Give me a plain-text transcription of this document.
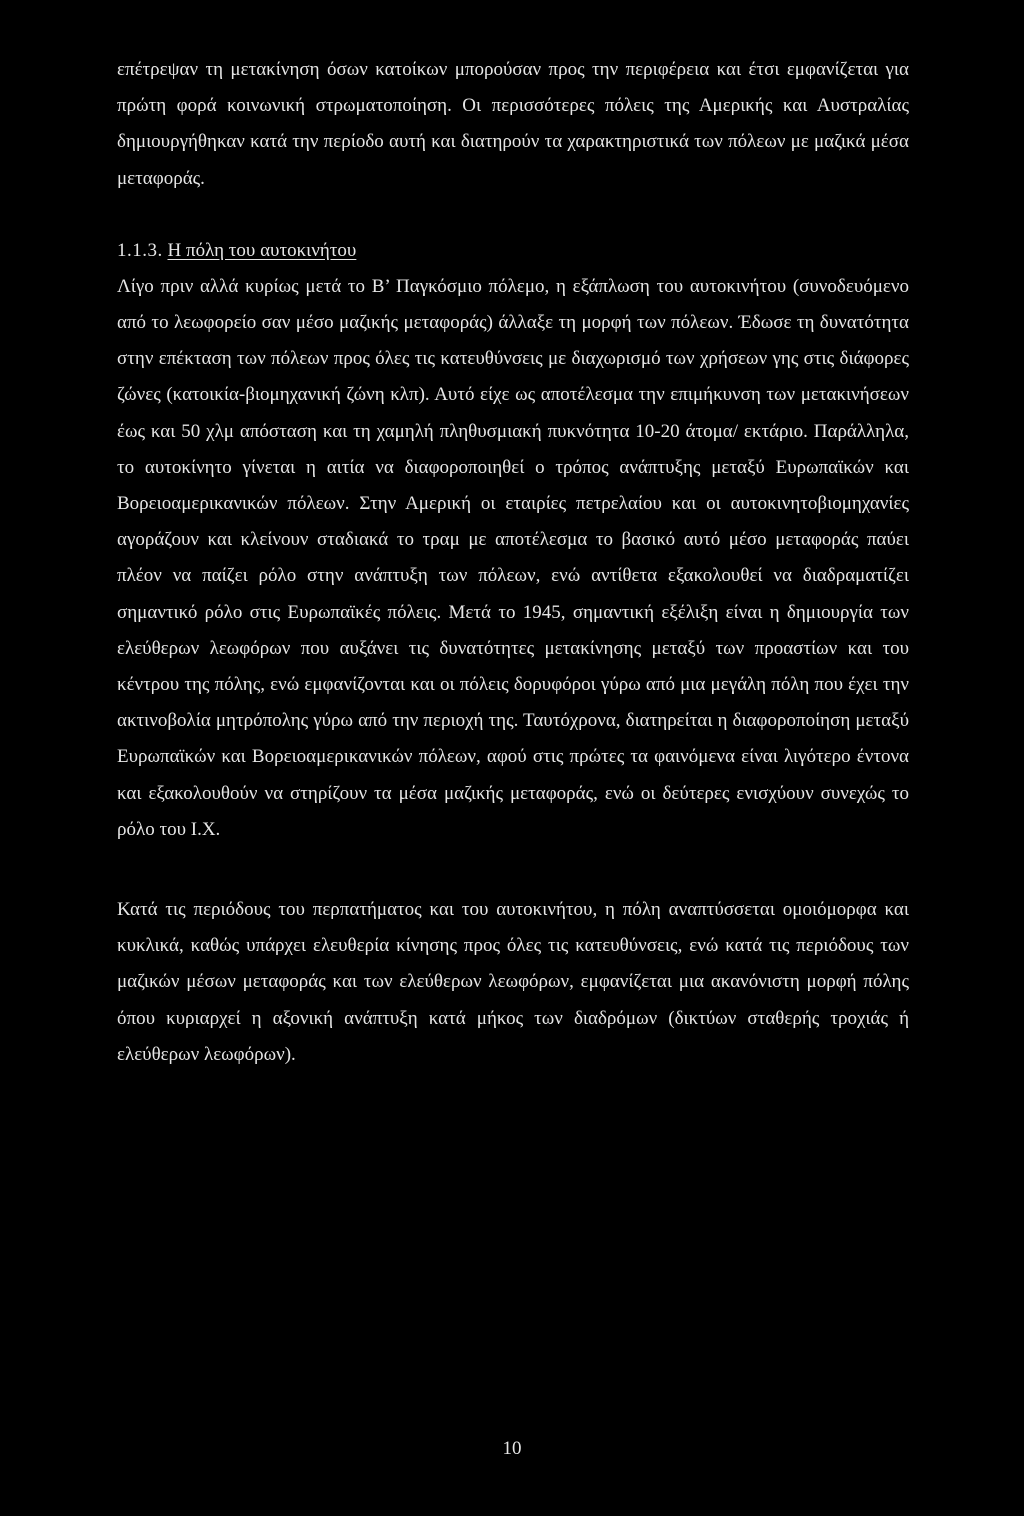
επέτρεψαν τη μετακίνηση όσων κατοίκων μπορούσαν προς την περιφέρεια και έτσι εμφανίζεται για πρώτη φορά κοινωνική στρωματοποίηση. Οι περισσότερες πόλεις της Αμερικής και Αυστραλίας δημιουργήθηκαν κατά την περίοδο αυτή και διατηρούν τα χαρακτηριστικά των πόλεων με μαζικά μέσα μεταφοράς.

1.1.3. Η πόλη του αυτοκινήτου

Λίγο πριν αλλά κυρίως μετά το Β’ Παγκόσμιο πόλεμο, η εξάπλωση του αυτοκινήτου (συνοδευόμενο από το λεωφορείο σαν μέσο μαζικής μεταφοράς) άλλαξε τη μορφή των πόλεων. Έδωσε τη δυνατότητα στην επέκταση των πόλεων προς όλες τις κατευθύνσεις με διαχωρισμό των χρήσεων γης στις διάφορες ζώνες (κατοικία-βιομηχανική ζώνη κλπ). Αυτό είχε ως αποτέλεσμα την επιμήκυνση των μετακινήσεων έως και 50 χλμ απόσταση και τη χαμηλή πληθυσμιακή πυκνότητα 10-20 άτομα/ εκτάριο. Παράλληλα, το αυτοκίνητο γίνεται η αιτία να διαφοροποιηθεί ο τρόπος ανάπτυξης μεταξύ Ευρωπαϊκών και Βορειοαμερικανικών πόλεων. Στην Αμερική οι εταιρίες πετρελαίου και οι αυτοκινητοβιομηχανίες αγοράζουν και κλείνουν σταδιακά το τραμ με αποτέλεσμα το βασικό αυτό μέσο μεταφοράς παύει πλέον να παίζει ρόλο στην ανάπτυξη των πόλεων, ενώ αντίθετα εξακολουθεί να διαδραματίζει σημαντικό ρόλο στις Ευρωπαϊκές πόλεις. Μετά το 1945, σημαντική εξέλιξη είναι η δημιουργία των ελεύθερων λεωφόρων που αυξάνει τις δυνατότητες μετακίνησης μεταξύ των προαστίων και του κέντρου της πόλης, ενώ εμφανίζονται και οι πόλεις δορυφόροι γύρω από μια μεγάλη πόλη που έχει την ακτινοβολία μητρόπολης γύρω από την περιοχή της. Ταυτόχρονα, διατηρείται η διαφοροποίηση μεταξύ Ευρωπαϊκών και Βορειοαμερικανικών πόλεων, αφού στις πρώτες τα φαινόμενα είναι λιγότερο έντονα και εξακολουθούν να στηρίζουν τα μέσα μαζικής μεταφοράς, ενώ οι δεύτερες ενισχύουν συνεχώς το ρόλο του Ι.Χ.

Κατά τις περιόδους του περπατήματος και του αυτοκινήτου, η πόλη αναπτύσσεται ομοιόμορφα και κυκλικά, καθώς υπάρχει ελευθερία κίνησης προς όλες τις κατευθύνσεις, ενώ κατά τις περιόδους των μαζικών μέσων μεταφοράς και των ελεύθερων λεωφόρων, εμφανίζεται μια ακανόνιστη μορφή πόλης όπου κυριαρχεί η αξονική ανάπτυξη κατά μήκος των διαδρόμων (δικτύων σταθερής τροχιάς ή ελεύθερων λεωφόρων).

10
